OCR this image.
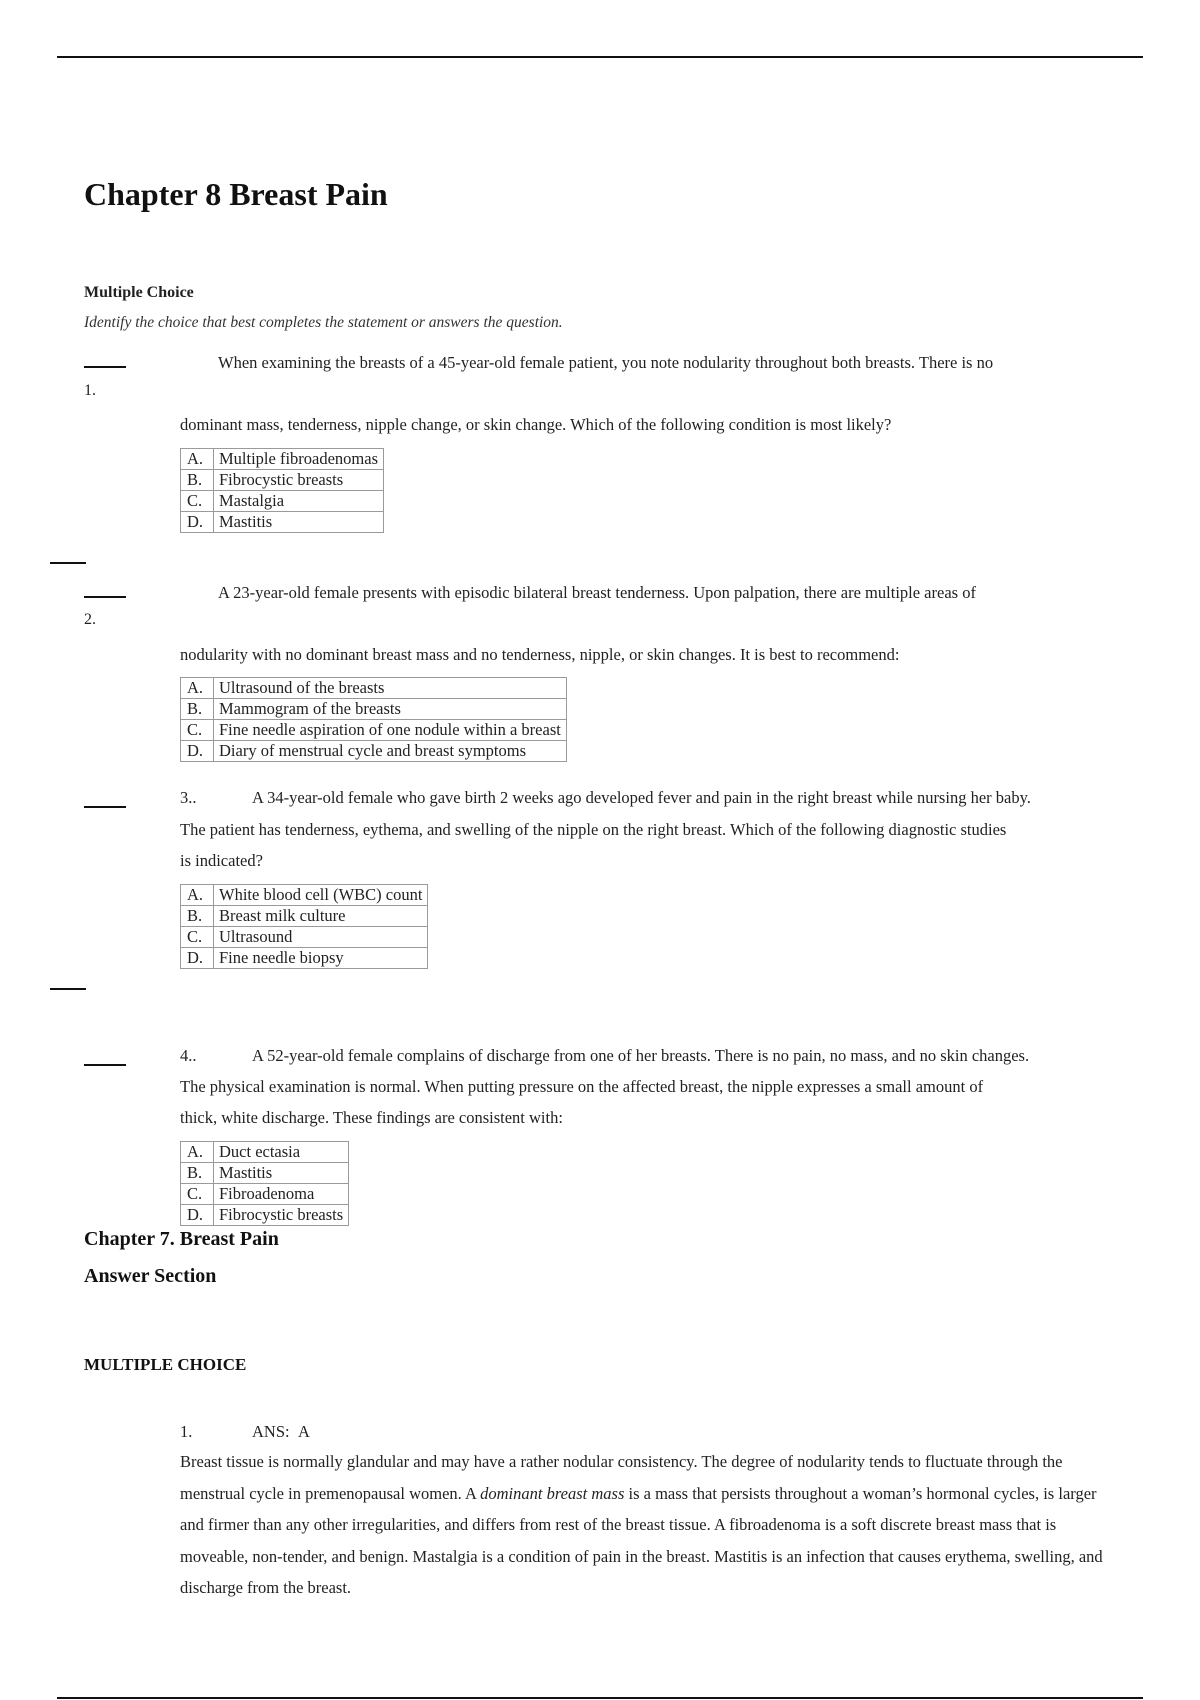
Chapter 8 Breast Pain
Multiple Choice
Identify the choice that best completes the statement or answers the question.
1.
When examining the breasts of a 45-year-old female patient, you note nodularity throughout both breasts. There is no
dominant mass, tenderness, nipple change, or skin change. Which of the following condition is most likely?
A.	Multiple fibroadenomas
B.	Fibrocystic breasts
C.	Mastalgia
D.	Mastitis
2.
A 23-year-old female presents with episodic bilateral breast tenderness. Upon palpation, there are multiple areas of
nodularity with no dominant breast mass and no tenderness, nipple, or skin changes. It is best to recommend:
A.	Ultrasound of the breasts
B.	Mammogram of the breasts
C.	Fine needle aspiration of one nodule within a breast
D.	Diary of menstrual cycle and breast symptoms
3..	A 34-year-old female who gave birth 2 weeks ago developed fever and pain in the right breast while nursing her baby.
The patient has tenderness, eythema, and swelling of the nipple on the right breast. Which of the following diagnostic studies
is indicated?
A.	White blood cell (WBC) count
B.	Breast milk culture
C.	Ultrasound
D.	Fine needle biopsy
4..	A 52-year-old female complains of discharge from one of her breasts. There is no pain, no mass, and no skin changes.
The physical examination is normal. When putting pressure on the affected breast, the nipple expresses a small amount of
thick, white discharge. These findings are consistent with:
A.	Duct ectasia
B.	Mastitis
C.	Fibroadenoma
D.	Fibrocystic breasts
Chapter 7. Breast Pain
Answer Section
MULTIPLE CHOICE
1.	ANS: A
Breast tissue is normally glandular and may have a rather nodular consistency. The degree of nodularity tends to fluctuate through the menstrual cycle in premenopausal women. A dominant breast mass is a mass that persists throughout a woman’s hormonal cycles, is larger and firmer than any other irregularities, and differs from rest of the breast tissue. A fibroadenoma is a soft discrete breast mass that is moveable, non-tender, and benign. Mastalgia is a condition of pain in the breast. Mastitis is an infection that causes erythema, swelling, and discharge from the breast.
